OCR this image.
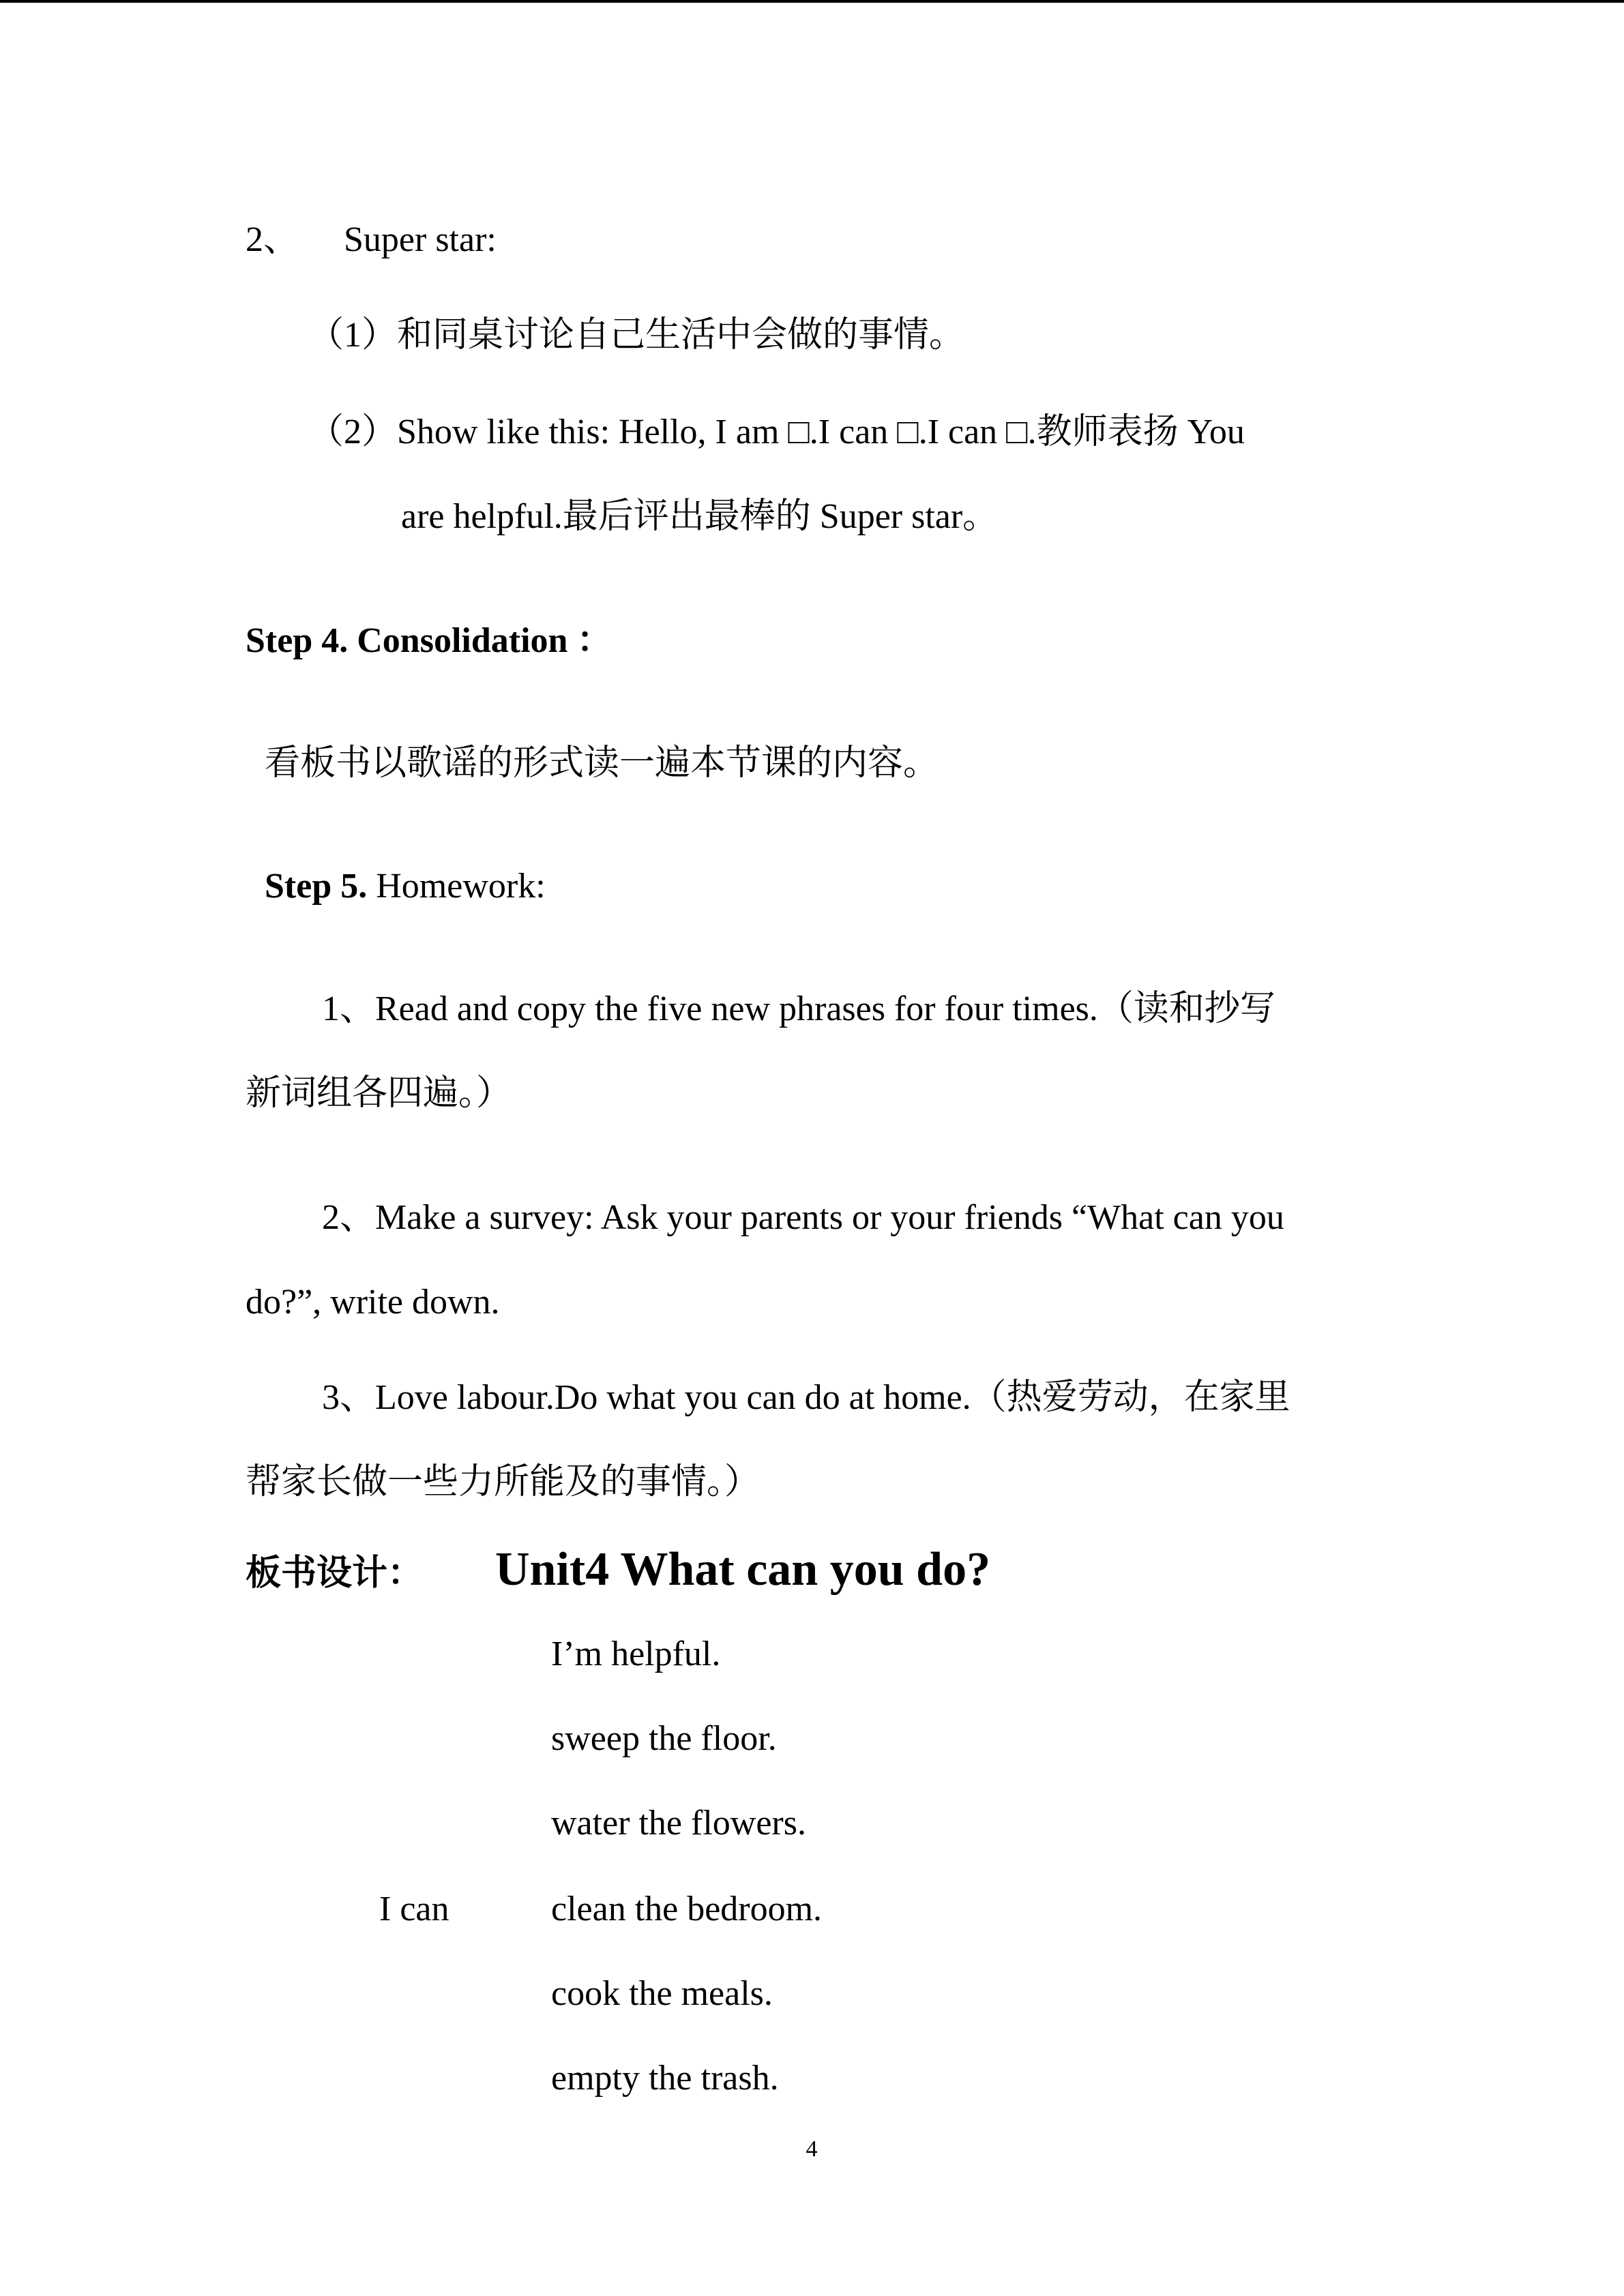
2、 Super star:
（1）和同桌讨论自己生活中会做的事情。
（2）Show like this: Hello, I am □.I can □.I can □.教师表扬 You
are helpful.最后评出最棒的 Super star。
Step 4. Consolidation ：
看板书以歌谣的形式读一遍本节课的内容。
Step 5. Homework:
1、Read and copy the five new phrases for four times.（读和抄写
新词组各四遍。）
2、Make a survey: Ask your parents or your friends “What can you
do?”, write down.
3、Love labour.Do what you can do at home.（热爱劳动，在家里
帮家长做一些力所能及的事情。）
板书设计： Unit4 What can you do?
I’m helpful.
sweep the floor.
water the flowers.
I can	clean the bedroom.
cook the meals.
empty the trash.
4
